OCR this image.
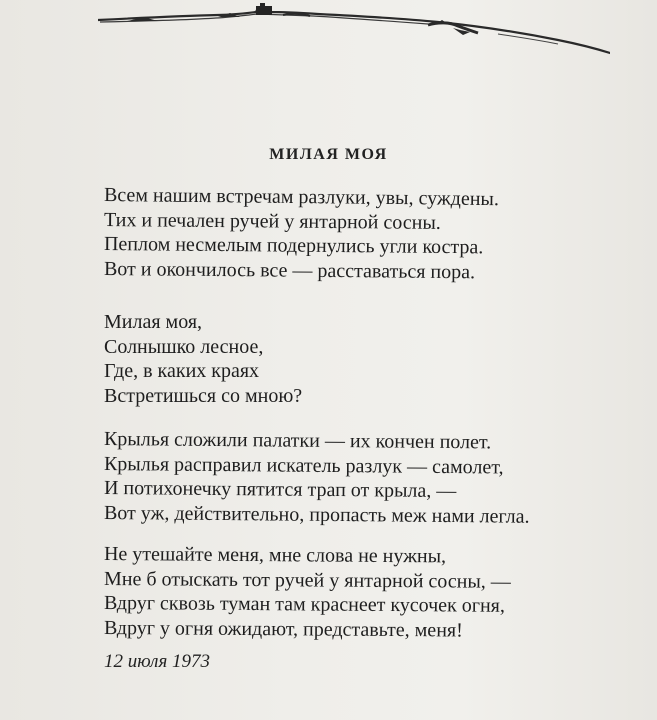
МИЛАЯ МОЯ
Всем нашим встречам разлуки, увы, суждены.
Тих и печален ручей у янтарной сосны.
Пеплом несмелым подернулись угли костра.
Вот и окончилось все — расставаться пора.
Милая моя,
Солнышко лесное,
Где, в каких краях
Встретишься со мною?
Крылья сложили палатки — их кончен полет.
Крылья расправил искатель разлук — самолет,
И потихонечку пятится трап от крыла, —
Вот уж, действительно, пропасть меж нами легла.
Не утешайте меня, мне слова не нужны,
Мне б отыскать тот ручей у янтарной сосны, —
Вдруг сквозь туман там краснеет кусочек огня,
Вдруг у огня ожидают, представьте, меня!
12 июля 1973
